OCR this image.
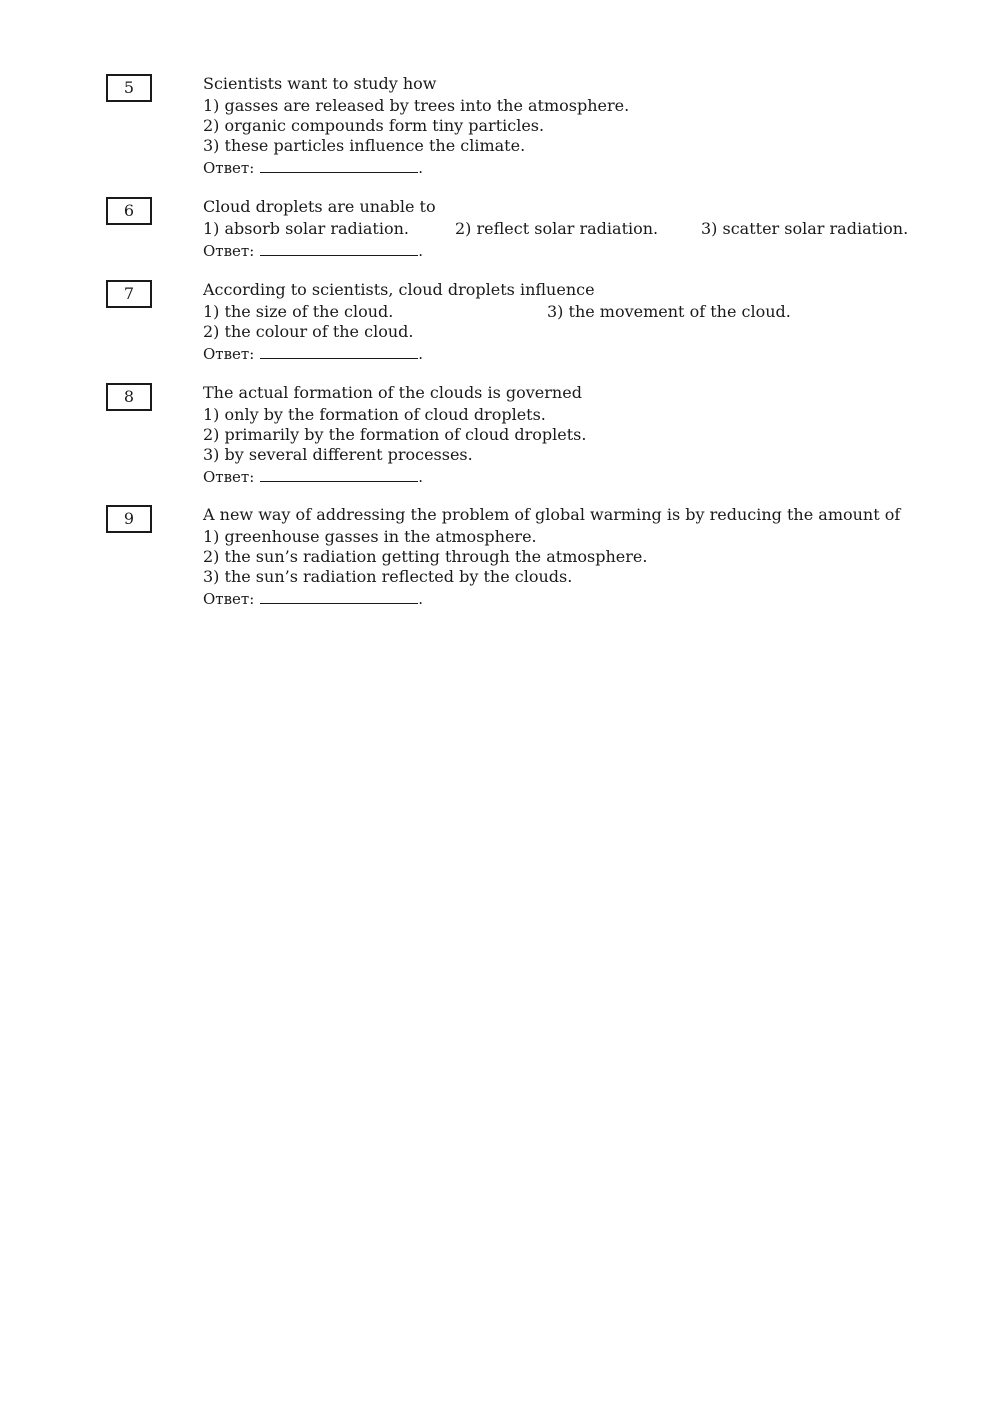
5	Scientists want to study how
1) gasses are released by trees into the atmosphere.
2) organic compounds form tiny particles.
3) these particles influence the climate.
Ответ:	.
6	Cloud droplets are unable to
1) absorb solar radiation.	2) reflect solar radiation.	3) scatter solar radiation.
Ответ:	.
7	According to scientists, cloud droplets influence
1) the size of the cloud.	3) the movement of the cloud.
2) the colour of the cloud.
Ответ:	.
8	The actual formation of the clouds is governed
1) only by the formation of cloud droplets.
2) primarily by the formation of cloud droplets.
3) by several different processes.
Ответ:	.
9	A new way of addressing the problem of global warming is by reducing the amount of
1) greenhouse gasses in the atmosphere.
2) the sun’s radiation getting through the atmosphere.
3) the sun’s radiation reflected by the clouds.
Ответ:	.
